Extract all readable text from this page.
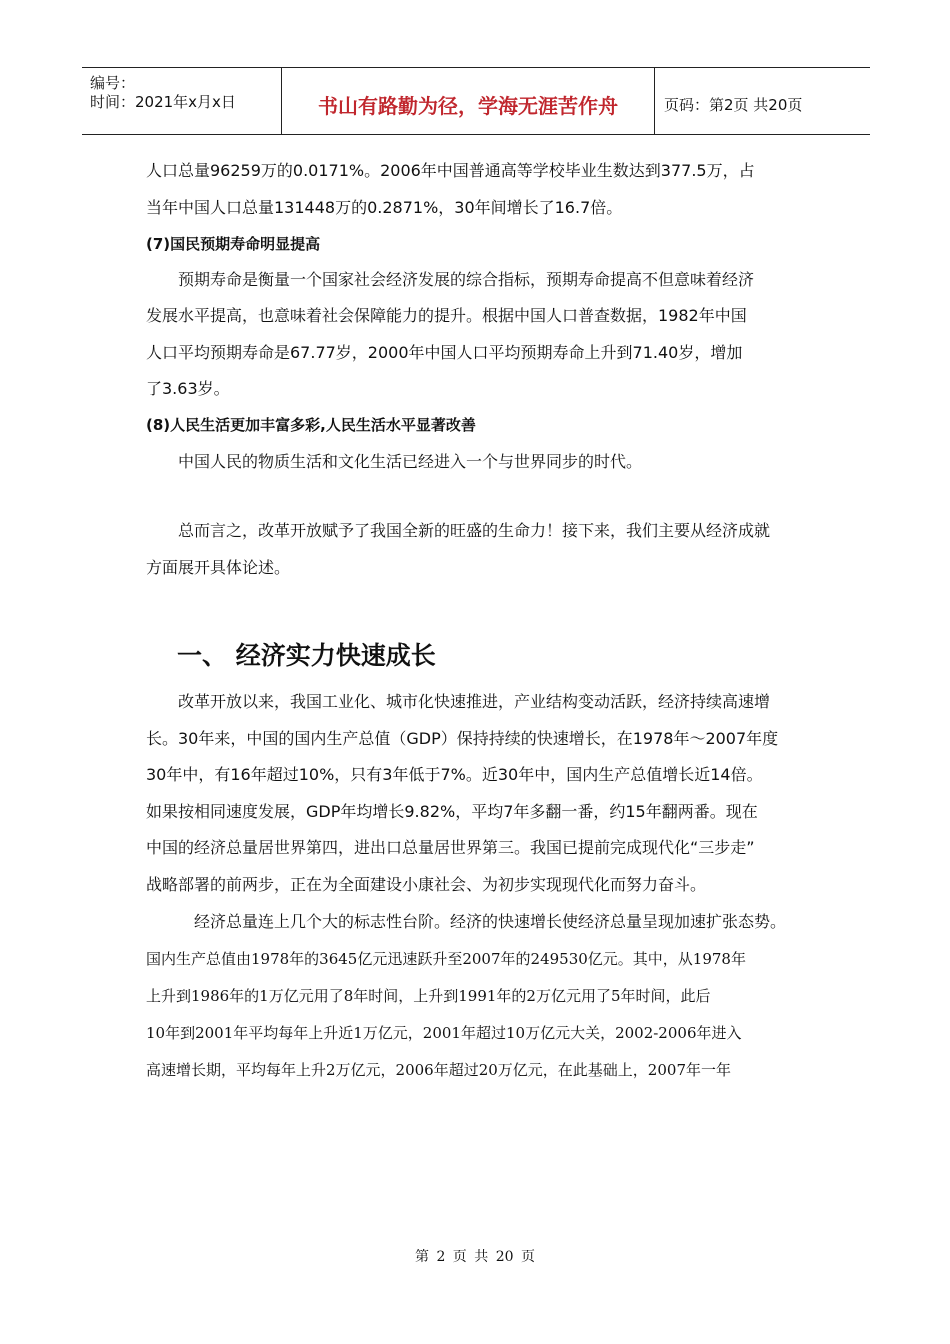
编号：
时间：2021年x月x日	书山有路勤为径，学海无涯苦作舟	页码：第2页 共20页
人口总量96259万的0.0171%。2006年中国普通高等学校毕业生数达到377.5万，占
当年中国人口总量131448万的0.2871%，30年间增长了16.7倍。
(7)国民预期寿命明显提高
预期寿命是衡量一个国家社会经济发展的综合指标，预期寿命提高不但意味着经济
发展水平提高，也意味着社会保障能力的提升。根据中国人口普查数据，1982年中国
人口平均预期寿命是67.77岁，2000年中国人口平均预期寿命上升到71.40岁，增加
了3.63岁。
(8)人民生活更加丰富多彩,人民生活水平显著改善
中国人民的物质生活和文化生活已经进入一个与世界同步的时代。
总而言之，改革开放赋予了我国全新的旺盛的生命力！接下来，我们主要从经济成就
方面展开具体论述。
一、 经济实力快速成长
改革开放以来，我国工业化、城市化快速推进，产业结构变动活跃，经济持续高速增
长。30年来，中国的国内生产总值（GDP）保持持续的快速增长，在1978年～2007年度
30年中，有16年超过10%，只有3年低于7%。近30年中，国内生产总值增长近14倍。
如果按相同速度发展，GDP年均增长9.82%，平均7年多翻一番，约15年翻两番。现在
中国的经济总量居世界第四，进出口总量居世界第三。我国已提前完成现代化“三步走”
战略部署的前两步，正在为全面建设小康社会、为初步实现现代化而努力奋斗。
经济总量连上几个大的标志性台阶。经济的快速增长使经济总量呈现加速扩张态势。
国内生产总值由1978年的3645亿元迅速跃升至2007年的249530亿元。其中，从1978年
上升到1986年的1万亿元用了8年时间，上升到1991年的2万亿元用了5年时间，此后
10年到2001年平均每年上升近1万亿元，2001年超过10万亿元大关，2002-2006年进入
高速增长期，平均每年上升2万亿元，2006年超过20万亿元，在此基础上，2007年一年
第 2 页 共 20 页
